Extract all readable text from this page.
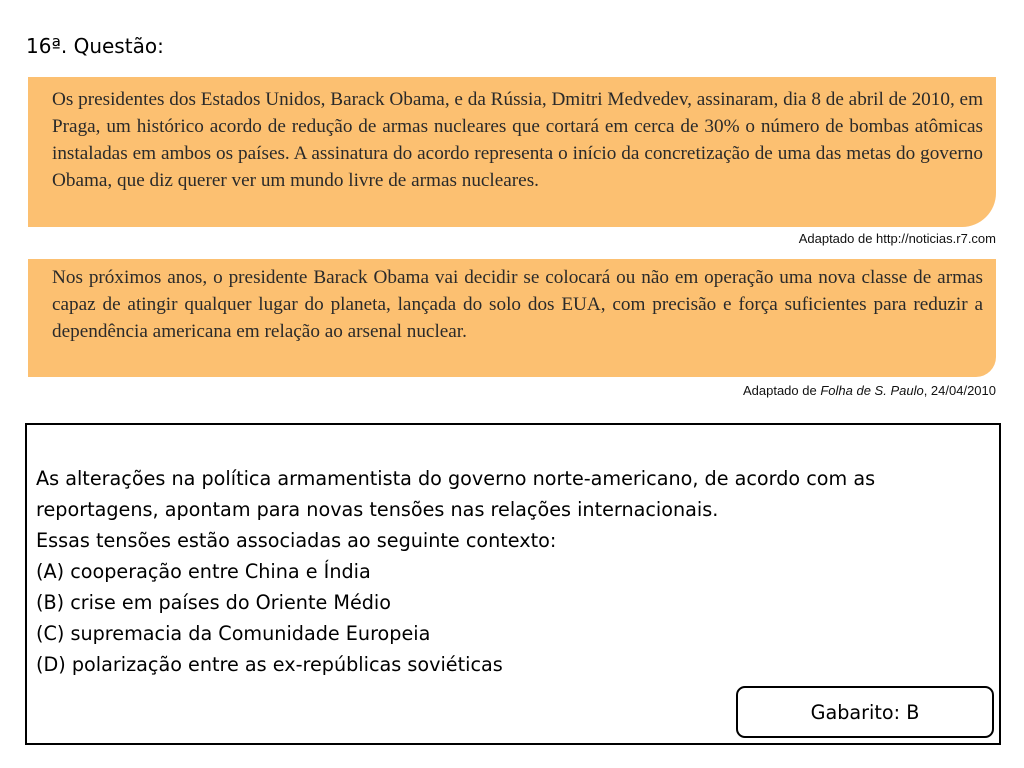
16ª. Questão:
Os presidentes dos Estados Unidos, Barack Obama, e da Rússia, Dmitri Medvedev, assinaram, dia 8 de abril de 2010, em Praga, um histórico acordo de redução de armas nucleares que cortará em cerca de 30% o número de bombas atômicas instaladas em ambos os países. A assinatura do acordo representa o início da concretização de uma das metas do governo Obama, que diz querer ver um mundo livre de armas nucleares.
Adaptado de http://noticias.r7.com
Nos próximos anos, o presidente Barack Obama vai decidir se colocará ou não em operação uma nova classe de armas capaz de atingir qualquer lugar do planeta, lançada do solo dos EUA, com precisão e força suficientes para reduzir a dependência americana em relação ao arsenal nuclear.
Adaptado de Folha de S. Paulo, 24/04/2010
As alterações na política armamentista do governo norte-americano, de acordo com as
reportagens, apontam para novas tensões nas relações internacionais.
Essas tensões estão associadas ao seguinte contexto:
(A) cooperação entre China e Índia
(B) crise em países do Oriente Médio
(C) supremacia da Comunidade Europeia
(D) polarização entre as ex-repúblicas soviéticas
Gabarito: B
